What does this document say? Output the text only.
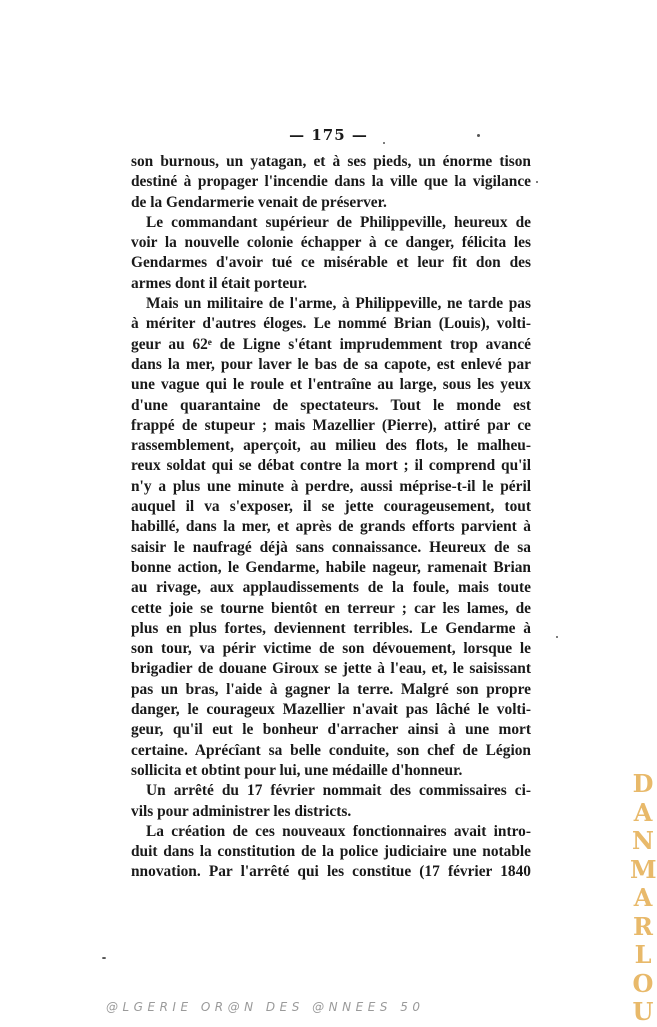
— 175 —
son burnous, un yatagan, et à ses pieds, un énorme tison
destiné à propager l'incendie dans la ville que la vigilance
de la Gendarmerie venait de préserver.
Le commandant supérieur de Philippeville, heureux de
voir la nouvelle colonie échapper à ce danger, félicita les
Gendarmes d'avoir tué ce misérable et leur fit don des
armes dont il était porteur.
Mais un militaire de l'arme, à Philippeville, ne tarde pas
à mériter d'autres éloges. Le nommé Brian (Louis), volti-
geur au 62ᵉ de Ligne s'étant imprudemment trop avancé
dans la mer, pour laver le bas de sa capote, est enlevé par
une vague qui le roule et l'entraîne au large, sous les yeux
d'une quarantaine de spectateurs. Tout le monde est
frappé de stupeur ; mais Mazellier (Pierre), attiré par ce
rassemblement, aperçoit, au milieu des flots, le malheu-
reux soldat qui se débat contre la mort ; il comprend qu'il
n'y a plus une minute à perdre, aussi méprise-t-il le péril
auquel il va s'exposer, il se jette courageusement, tout
habillé, dans la mer, et après de grands efforts parvient à
saisir le naufragé déjà sans connaissance. Heureux de sa
bonne action, le Gendarme, habile nageur, ramenait Brian
au rivage, aux applaudissements de la foule, mais toute
cette joie se tourne bientôt en terreur ; car les lames, de
plus en plus fortes, deviennent terribles. Le Gendarme à
son tour, va périr victime de son dévouement, lorsque le
brigadier de douane Giroux se jette à l'eau, et, le saisissant
pas un bras, l'aide à gagner la terre. Malgré son propre
danger, le courageux Mazellier n'avait pas lâché le volti-
geur, qu'il eut le bonheur d'arracher ainsi à une mort
certaine. Aprécîant sa belle conduite, son chef de Légion
sollicita et obtint pour lui, une médaille d'honneur.
Un arrêté du 17 février nommait des commissaires ci-
vils pour administrer les districts.
La création de ces nouveaux fonctionnaires avait intro-
duit dans la constitution de la police judiciaire une notable
nnovation. Par l'arrêté qui les constitue (17 février 1840
D
A
N
M
A
R
L
O
U
@LGERIE OR@N DES @NNEES 50
